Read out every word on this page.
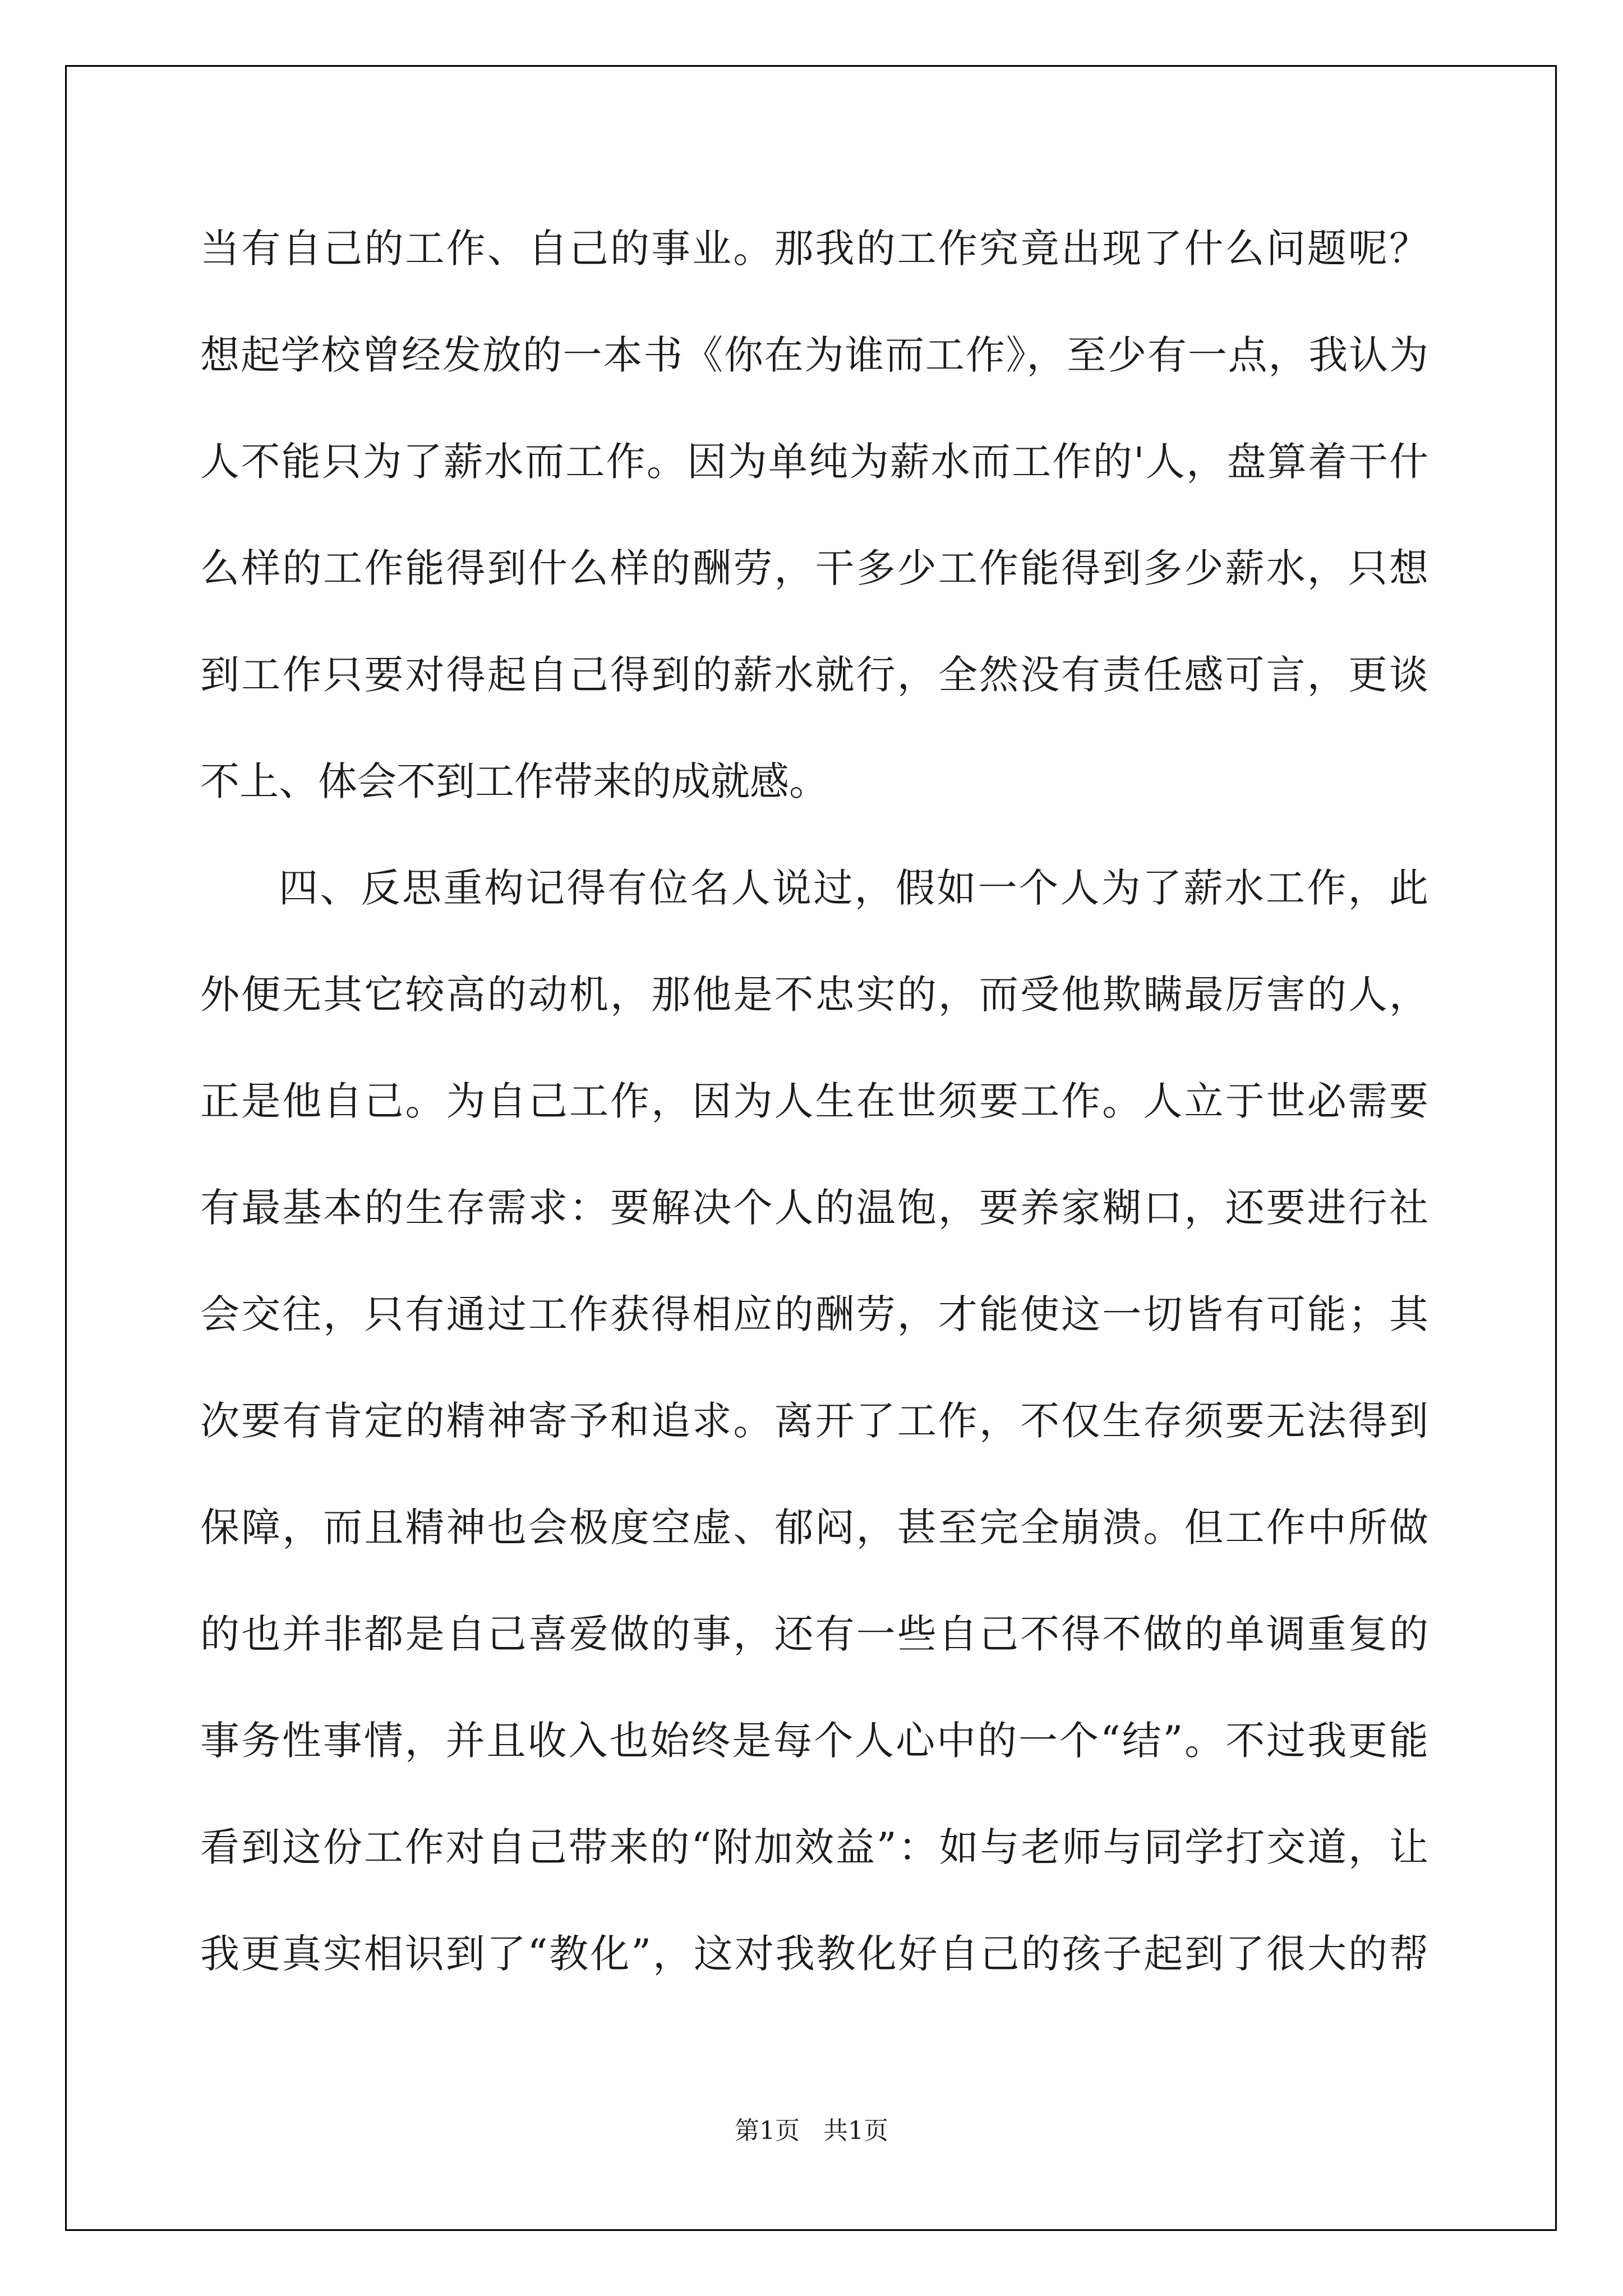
当有自己的工作、自己的事业。那我的工作究竟出现了什么问题呢？
想起学校曾经发放的一本书《你在为谁而工作》，至少有一点，我认为
人不能只为了薪水而工作。因为单纯为薪水而工作的'人，盘算着干什
么样的工作能得到什么样的酬劳，干多少工作能得到多少薪水，只想
到工作只要对得起自己得到的薪水就行，全然没有责任感可言，更谈
不上、体会不到工作带来的成就感。
四、反思重构记得有位名人说过，假如一个人为了薪水工作，此
外便无其它较高的动机，那他是不忠实的，而受他欺瞒最厉害的人，
正是他自己。为自己工作，因为人生在世须要工作。人立于世必需要
有最基本的生存需求：要解决个人的温饱，要养家糊口，还要进行社
会交往，只有通过工作获得相应的酬劳，才能使这一切皆有可能；其
次要有肯定的精神寄予和追求。离开了工作，不仅生存须要无法得到
保障，而且精神也会极度空虚、郁闷，甚至完全崩溃。但工作中所做
的也并非都是自己喜爱做的事，还有一些自己不得不做的单调重复的
事务性事情，并且收入也始终是每个人心中的一个“结”。不过我更能
看到这份工作对自己带来的“附加效益”：如与老师与同学打交道，让
我更真实相识到了“教化”，这对我教化好自己的孩子起到了很大的帮
第1页 共1页
